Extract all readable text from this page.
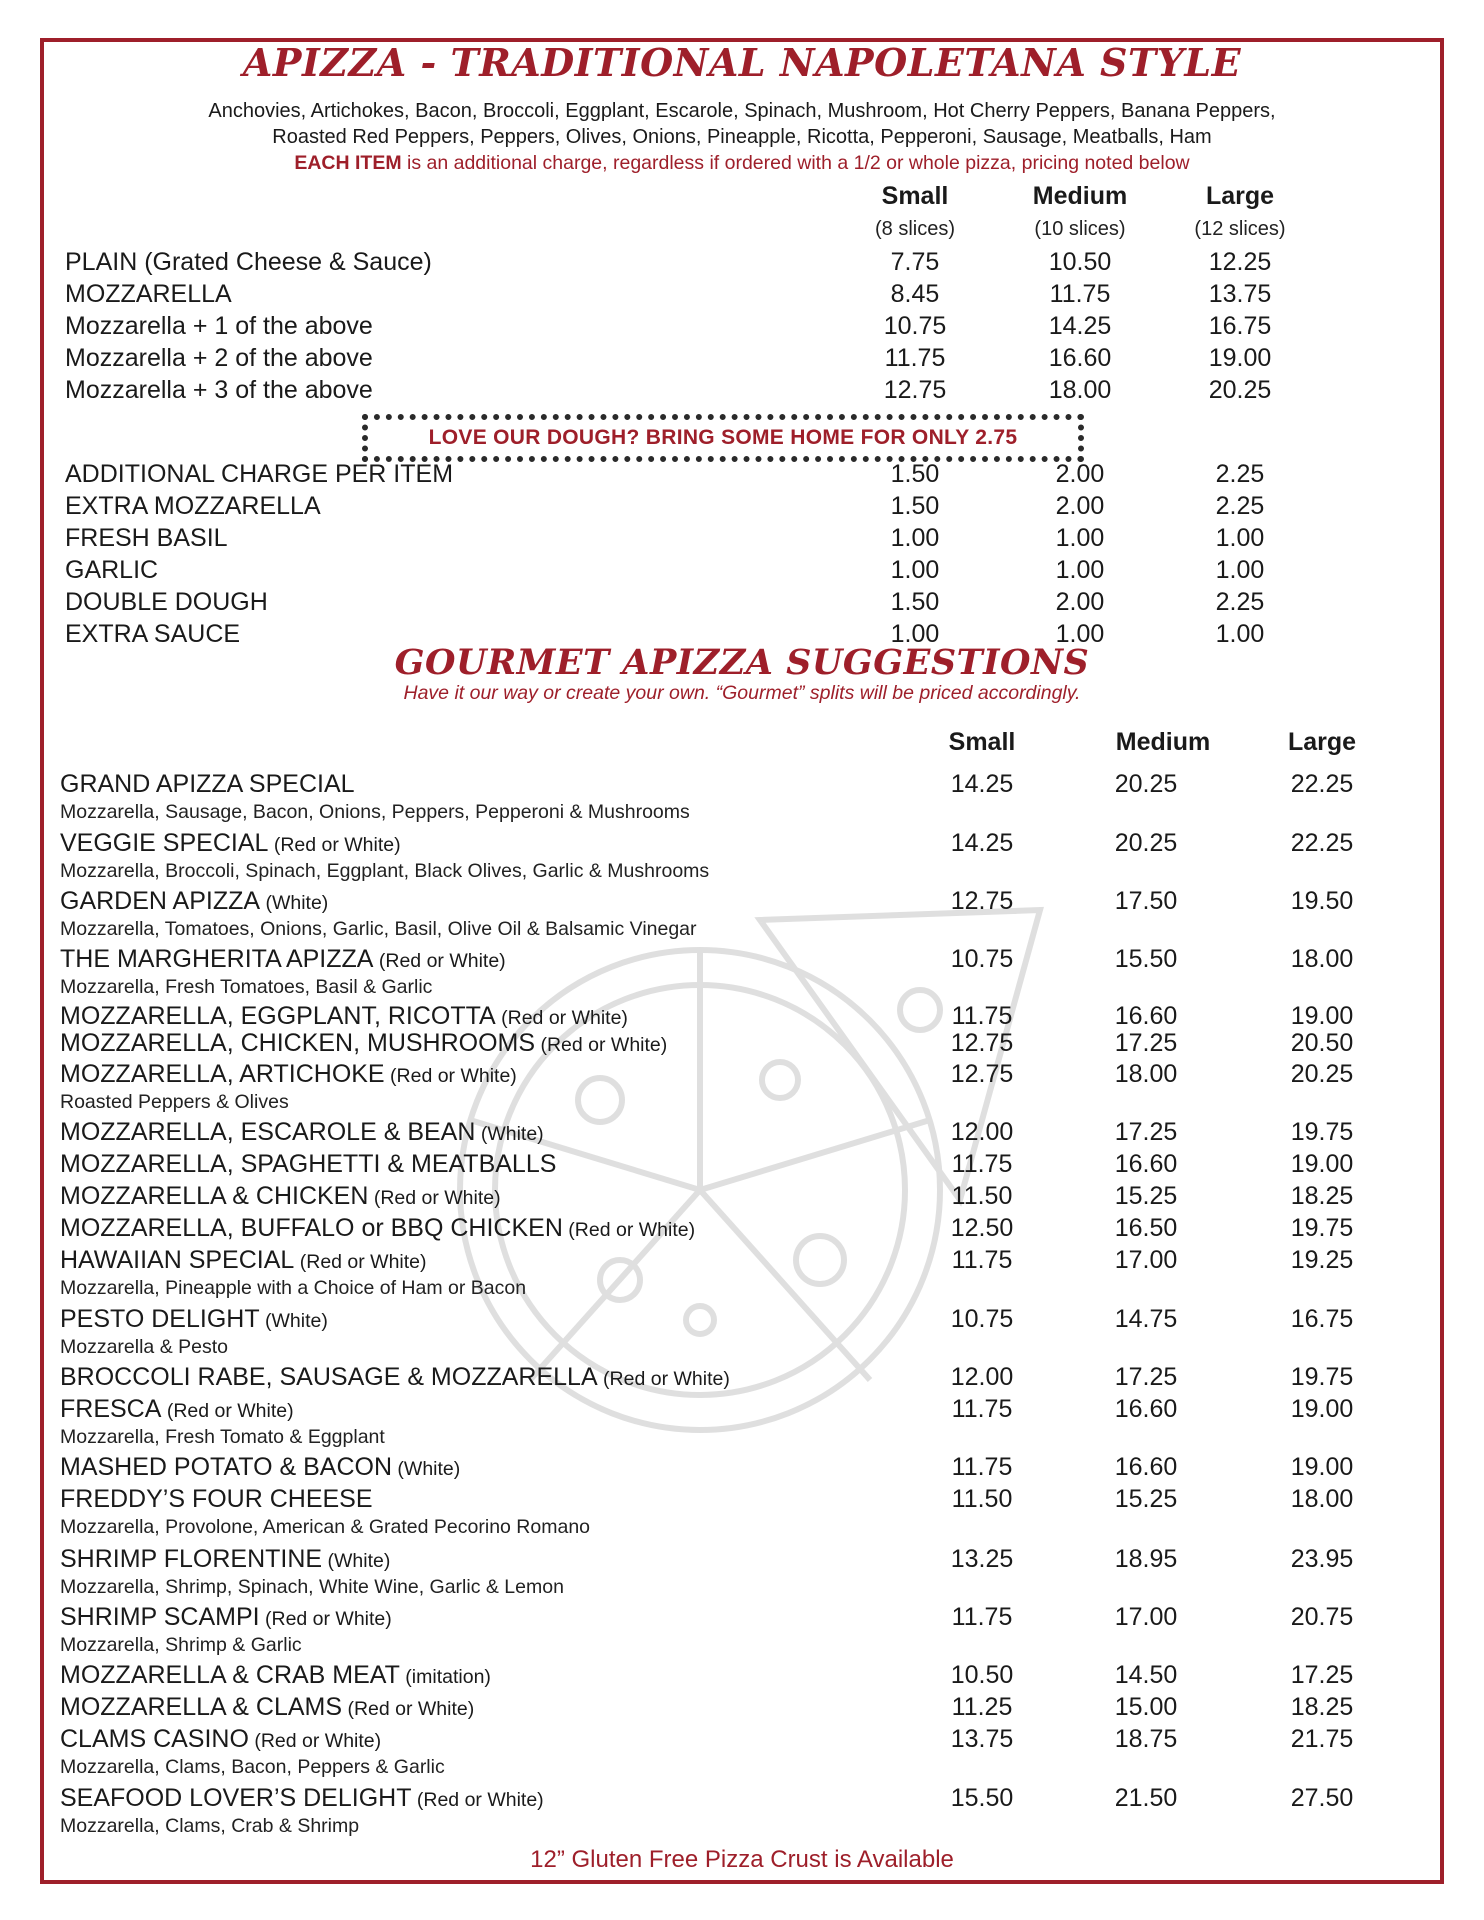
APIZZA - TRADITIONAL NAPOLETANA STYLE
Anchovies, Artichokes, Bacon, Broccoli, Eggplant, Escarole, Spinach, Mushroom, Hot Cherry Peppers, Banana Peppers,
Roasted Red Peppers, Peppers, Olives, Onions, Pineapple, Ricotta, Pepperoni, Sausage, Meatballs, Ham
EACH ITEM is an additional charge, regardless if ordered with a 1/2 or whole pizza, pricing noted below
Small	Medium	Large
(8 slices)	(10 slices)	(12 slices)
PLAIN (Grated Cheese & Sauce)	7.75	10.50	12.25
MOZZARELLA	8.45	11.75	13.75
Mozzarella + 1 of the above	10.75	14.25	16.75
Mozzarella + 2 of the above	11.75	16.60	19.00
Mozzarella + 3 of the above	12.75	18.00	20.25
LOVE OUR DOUGH? BRING SOME HOME FOR ONLY 2.75
ADDITIONAL CHARGE PER ITEM	1.50	2.00	2.25
EXTRA MOZZARELLA	1.50	2.00	2.25
FRESH BASIL	1.00	1.00	1.00
GARLIC	1.00	1.00	1.00
DOUBLE DOUGH	1.50	2.00	2.25
EXTRA SAUCE	1.00	1.00	1.00
GOURMET APIZZA SUGGESTIONS
Have it our way or create your own. “Gourmet” splits will be priced accordingly.
Small	Medium	Large
GRAND APIZZA SPECIAL
Mozzarella, Sausage, Bacon, Onions, Peppers, Pepperoni & Mushrooms
14.25	20.25	22.25
VEGGIE SPECIAL (Red or White)
Mozzarella, Broccoli, Spinach, Eggplant, Black Olives, Garlic & Mushrooms
14.25	20.25	22.25
GARDEN APIZZA (White)
Mozzarella, Tomatoes, Onions, Garlic, Basil, Olive Oil & Balsamic Vinegar
12.75	17.50	19.50
THE MARGHERITA APIZZA (Red or White)
Mozzarella, Fresh Tomatoes, Basil & Garlic
10.75	15.50	18.00
MOZZARELLA, EGGPLANT, RICOTTA (Red or White)	11.75	16.60	19.00
MOZZARELLA, CHICKEN, MUSHROOMS (Red or White)	12.75	17.25	20.50
MOZZARELLA, ARTICHOKE (Red or White)
Roasted Peppers & Olives
12.75	18.00	20.25
MOZZARELLA, ESCAROLE & BEAN (White)	12.00	17.25	19.75
MOZZARELLA, SPAGHETTI & MEATBALLS	11.75	16.60	19.00
MOZZARELLA & CHICKEN (Red or White)	11.50	15.25	18.25
MOZZARELLA, BUFFALO or BBQ CHICKEN (Red or White)	12.50	16.50	19.75
HAWAIIAN SPECIAL (Red or White)
Mozzarella, Pineapple with a Choice of Ham or Bacon
11.75	17.00	19.25
PESTO DELIGHT (White)
Mozzarella & Pesto
10.75	14.75	16.75
BROCCOLI RABE, SAUSAGE & MOZZARELLA (Red or White)	12.00	17.25	19.75
FRESCA (Red or White)
Mozzarella, Fresh Tomato & Eggplant
11.75	16.60	19.00
MASHED POTATO & BACON (White)	11.75	16.60	19.00
FREDDY’S FOUR CHEESE
Mozzarella, Provolone, American & Grated Pecorino Romano
11.50	15.25	18.00
SHRIMP FLORENTINE (White)
Mozzarella, Shrimp, Spinach, White Wine, Garlic & Lemon
13.25	18.95	23.95
SHRIMP SCAMPI (Red or White)
Mozzarella, Shrimp & Garlic
11.75	17.00	20.75
MOZZARELLA & CRAB MEAT (imitation)	10.50	14.50	17.25
MOZZARELLA & CLAMS (Red or White)	11.25	15.00	18.25
CLAMS CASINO (Red or White)
Mozzarella, Clams, Bacon, Peppers & Garlic
13.75	18.75	21.75
SEAFOOD LOVER’S DELIGHT (Red or White)
Mozzarella, Clams, Crab & Shrimp
15.50	21.50	27.50
12” Gluten Free Pizza Crust is Available
